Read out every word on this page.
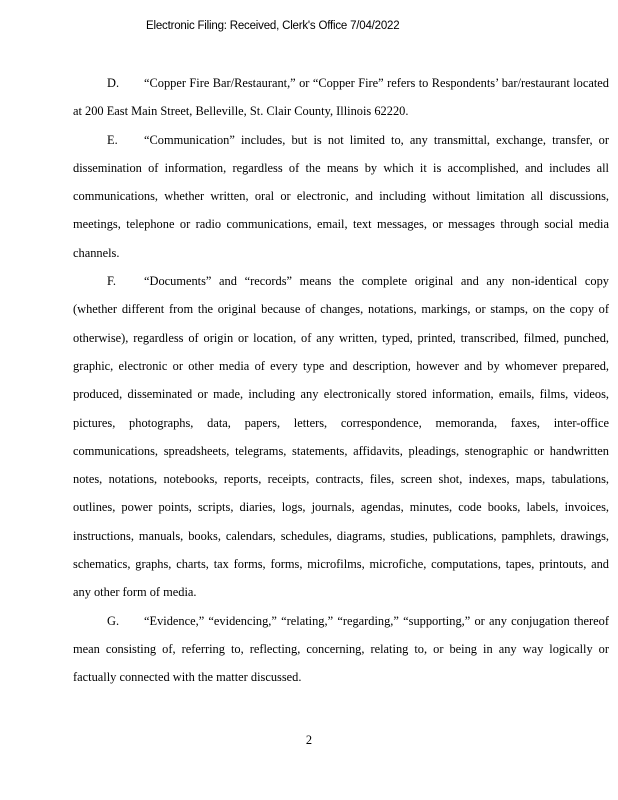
Electronic Filing: Received, Clerk's Office 7/04/2022

D. “Copper Fire Bar/Restaurant,” or “Copper Fire” refers to Respondents’ bar/restaurant located at 200 East Main Street, Belleville, St. Clair County, Illinois 62220.

E. “Communication” includes, but is not limited to, any transmittal, exchange, transfer, or dissemination of information, regardless of the means by which it is accomplished, and includes all communications, whether written, oral or electronic, and including without limitation all discussions, meetings, telephone or radio communications, email, text messages, or messages through social media channels.

F. “Documents” and “records” means the complete original and any non-identical copy (whether different from the original because of changes, notations, markings, or stamps, on the copy of otherwise), regardless of origin or location, of any written, typed, printed, transcribed, filmed, punched, graphic, electronic or other media of every type and description, however and by whomever prepared, produced, disseminated or made, including any electronically stored information, emails, films, videos, pictures, photographs, data, papers, letters, correspondence, memoranda, faxes, inter-office communications, spreadsheets, telegrams, statements, affidavits, pleadings, stenographic or handwritten notes, notations, notebooks, reports, receipts, contracts, files, screen shot, indexes, maps, tabulations, outlines, power points, scripts, diaries, logs, journals, agendas, minutes, code books, labels, invoices, instructions, manuals, books, calendars, schedules, diagrams, studies, publications, pamphlets, drawings, schematics, graphs, charts, tax forms, forms, microfilms, microfiche, computations, tapes, printouts, and any other form of media.

G. “Evidence,” “evidencing,” “relating,” “regarding,” “supporting,” or any conjugation thereof mean consisting of, referring to, reflecting, concerning, relating to, or being in any way logically or factually connected with the matter discussed.

2
